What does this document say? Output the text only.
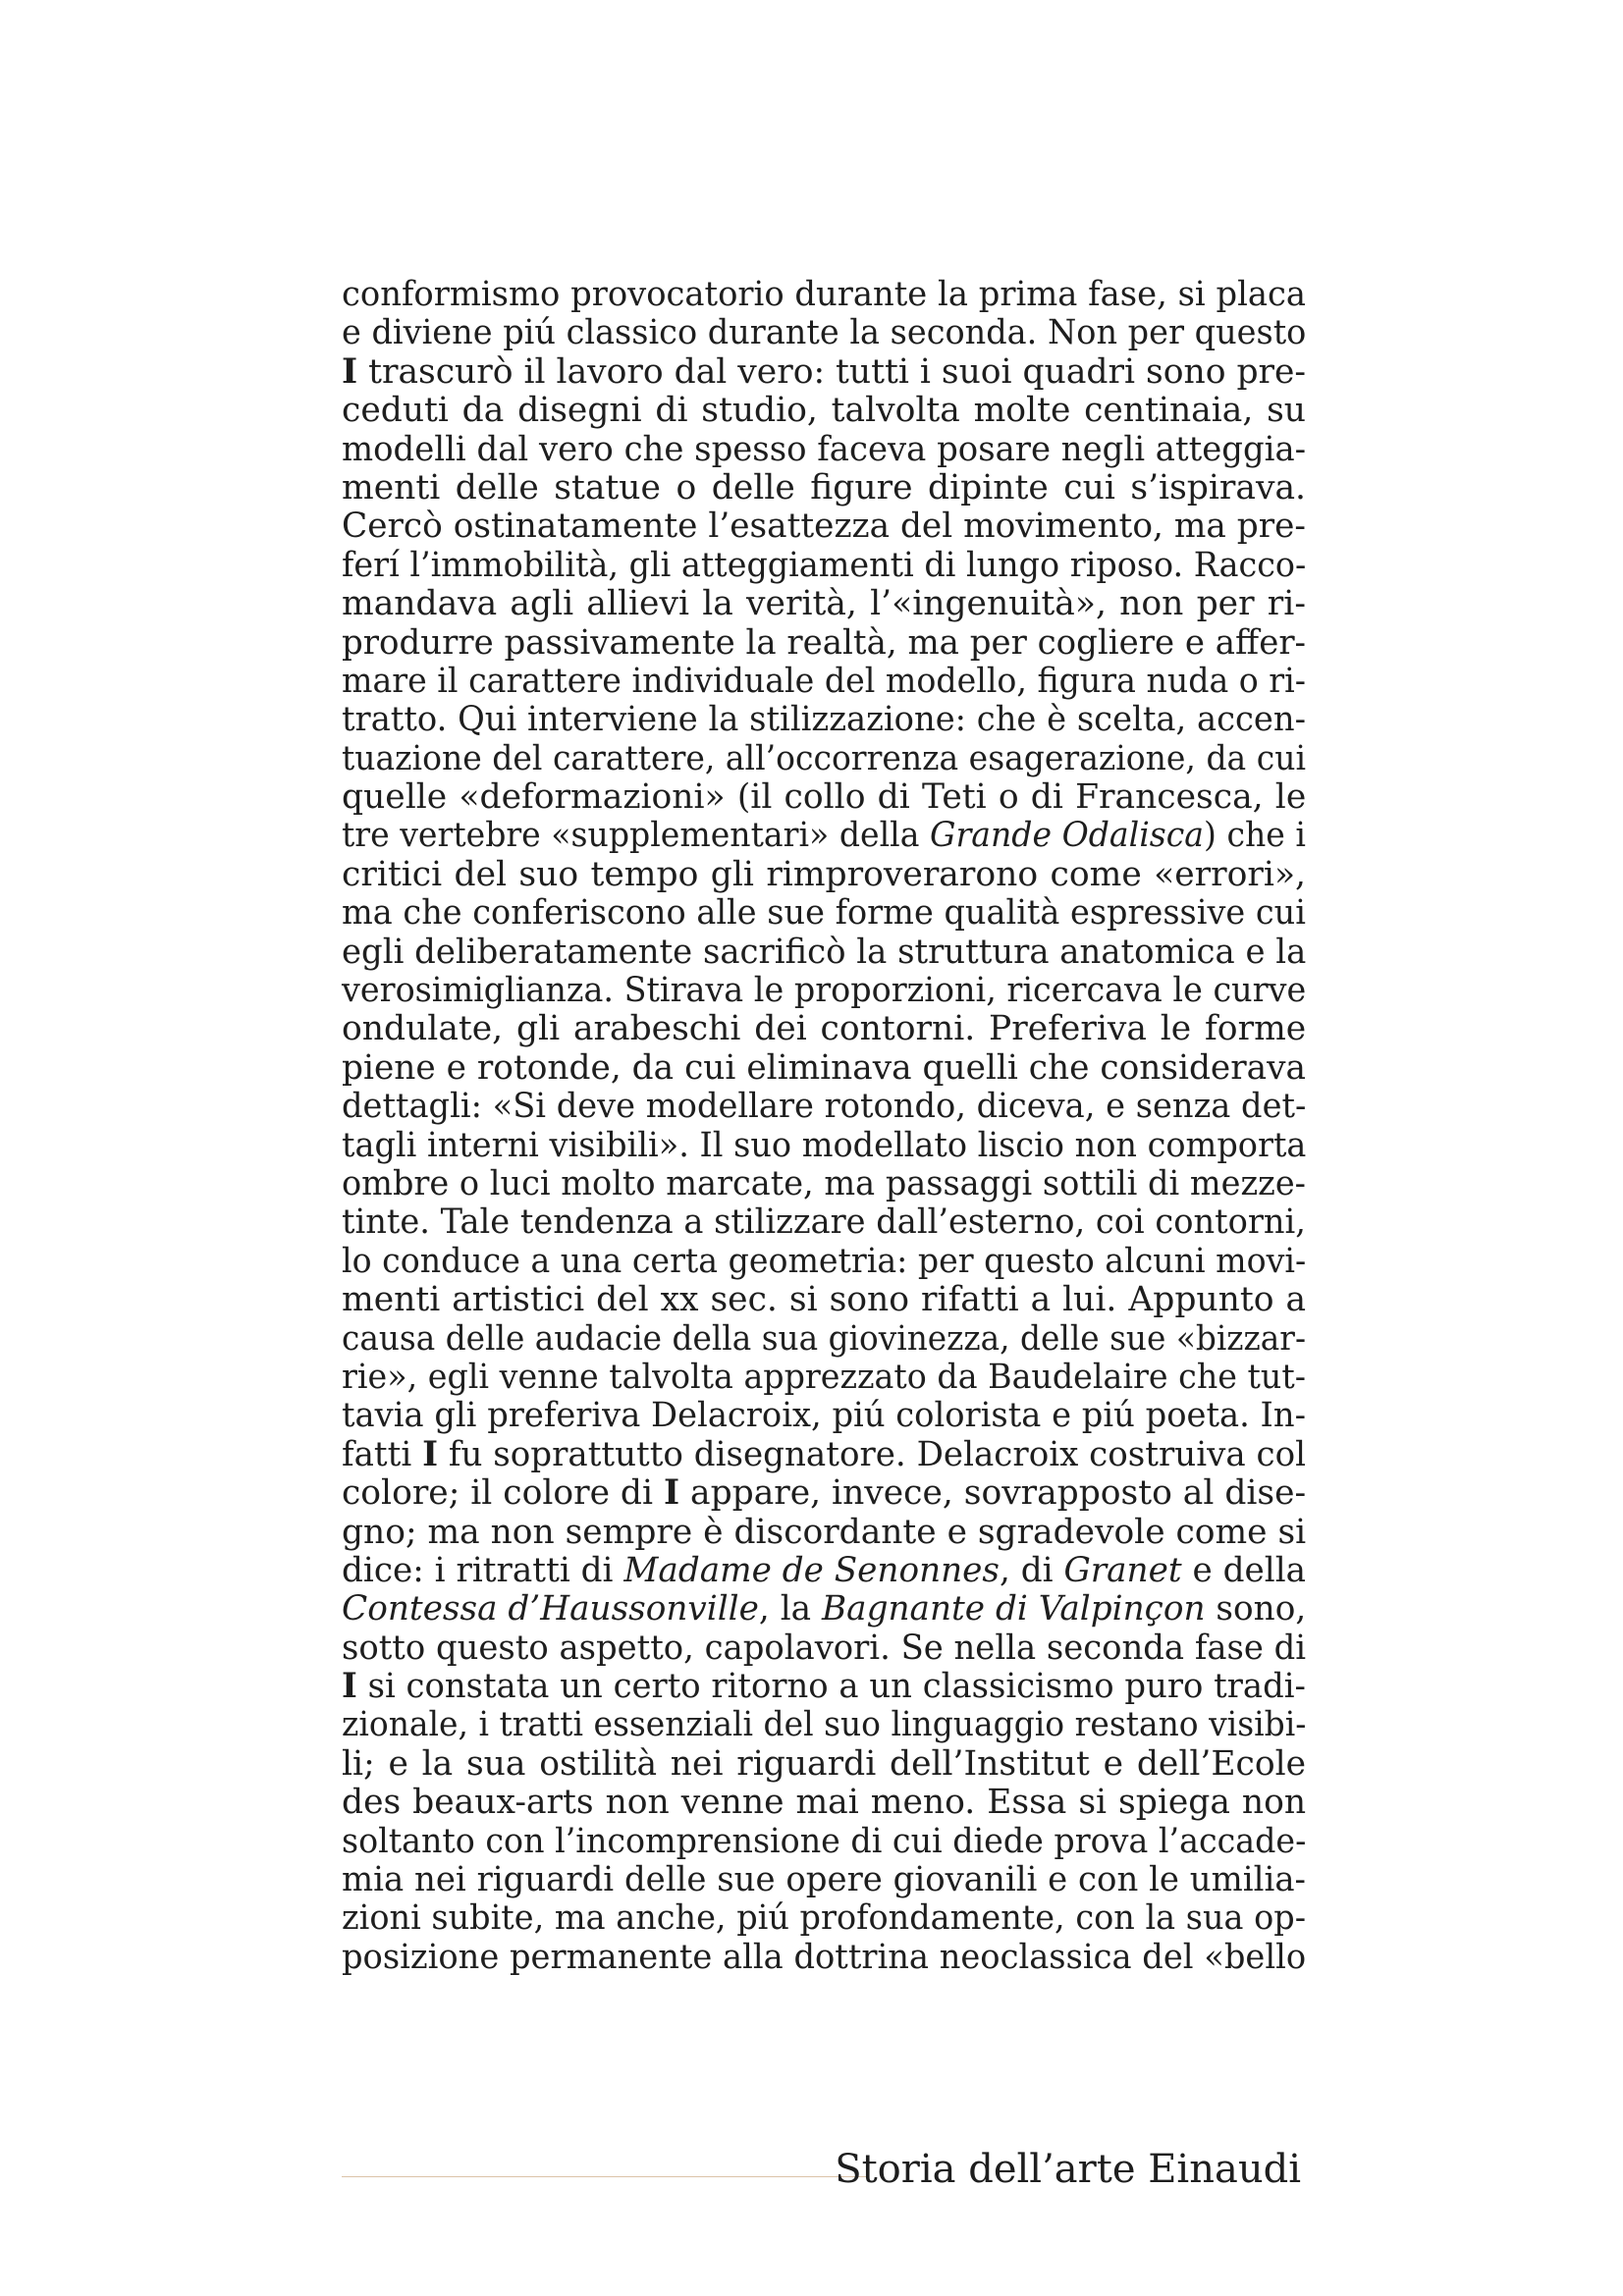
conformismo provocatorio durante la prima fase, si placa
e diviene piú classico durante la seconda. Non per questo
I trascurò il lavoro dal vero: tutti i suoi quadri sono pre-
ceduti da disegni di studio, talvolta molte centinaia, su
modelli dal vero che spesso faceva posare negli atteggia-
menti delle statue o delle figure dipinte cui s’ispirava.
Cercò ostinatamente l’esattezza del movimento, ma pre-
ferí l’immobilità, gli atteggiamenti di lungo riposo. Racco-
mandava agli allievi la verità, l’«ingenuità», non per ri-
produrre passivamente la realtà, ma per cogliere e affer-
mare il carattere individuale del modello, figura nuda o ri-
tratto. Qui interviene la stilizzazione: che è scelta, accen-
tuazione del carattere, all’occorrenza esagerazione, da cui
quelle «deformazioni» (il collo di Teti o di Francesca, le
tre vertebre «supplementari» della Grande Odalisca) che i
critici del suo tempo gli rimproverarono come «errori»,
ma che conferiscono alle sue forme qualità espressive cui
egli deliberatamente sacrificò la struttura anatomica e la
verosimiglianza. Stirava le proporzioni, ricercava le curve
ondulate, gli arabeschi dei contorni. Preferiva le forme
piene e rotonde, da cui eliminava quelli che considerava
dettagli: «Si deve modellare rotondo, diceva, e senza det-
tagli interni visibili». Il suo modellato liscio non comporta
ombre o luci molto marcate, ma passaggi sottili di mezze-
tinte. Tale tendenza a stilizzare dall’esterno, coi contorni,
lo conduce a una certa geometria: per questo alcuni movi-
menti artistici del xx sec. si sono rifatti a lui. Appunto a
causa delle audacie della sua giovinezza, delle sue «bizzar-
rie», egli venne talvolta apprezzato da Baudelaire che tut-
tavia gli preferiva Delacroix, piú colorista e piú poeta. In-
fatti I fu soprattutto disegnatore. Delacroix costruiva col
colore; il colore di I appare, invece, sovrapposto al dise-
gno; ma non sempre è discordante e sgradevole come si
dice: i ritratti di Madame de Senonnes, di Granet e della
Contessa d’Haussonville, la Bagnante di Valpinçon sono,
sotto questo aspetto, capolavori. Se nella seconda fase di
I si constata un certo ritorno a un classicismo puro tradi-
zionale, i tratti essenziali del suo linguaggio restano visibi-
li; e la sua ostilità nei riguardi dell’Institut e dell’Ecole
des beaux-arts non venne mai meno. Essa si spiega non
soltanto con l’incomprensione di cui diede prova l’accade-
mia nei riguardi delle sue opere giovanili e con le umilia-
zioni subite, ma anche, piú profondamente, con la sua op-
posizione permanente alla dottrina neoclassica del «bello
Storia dell’arte Einaudi
